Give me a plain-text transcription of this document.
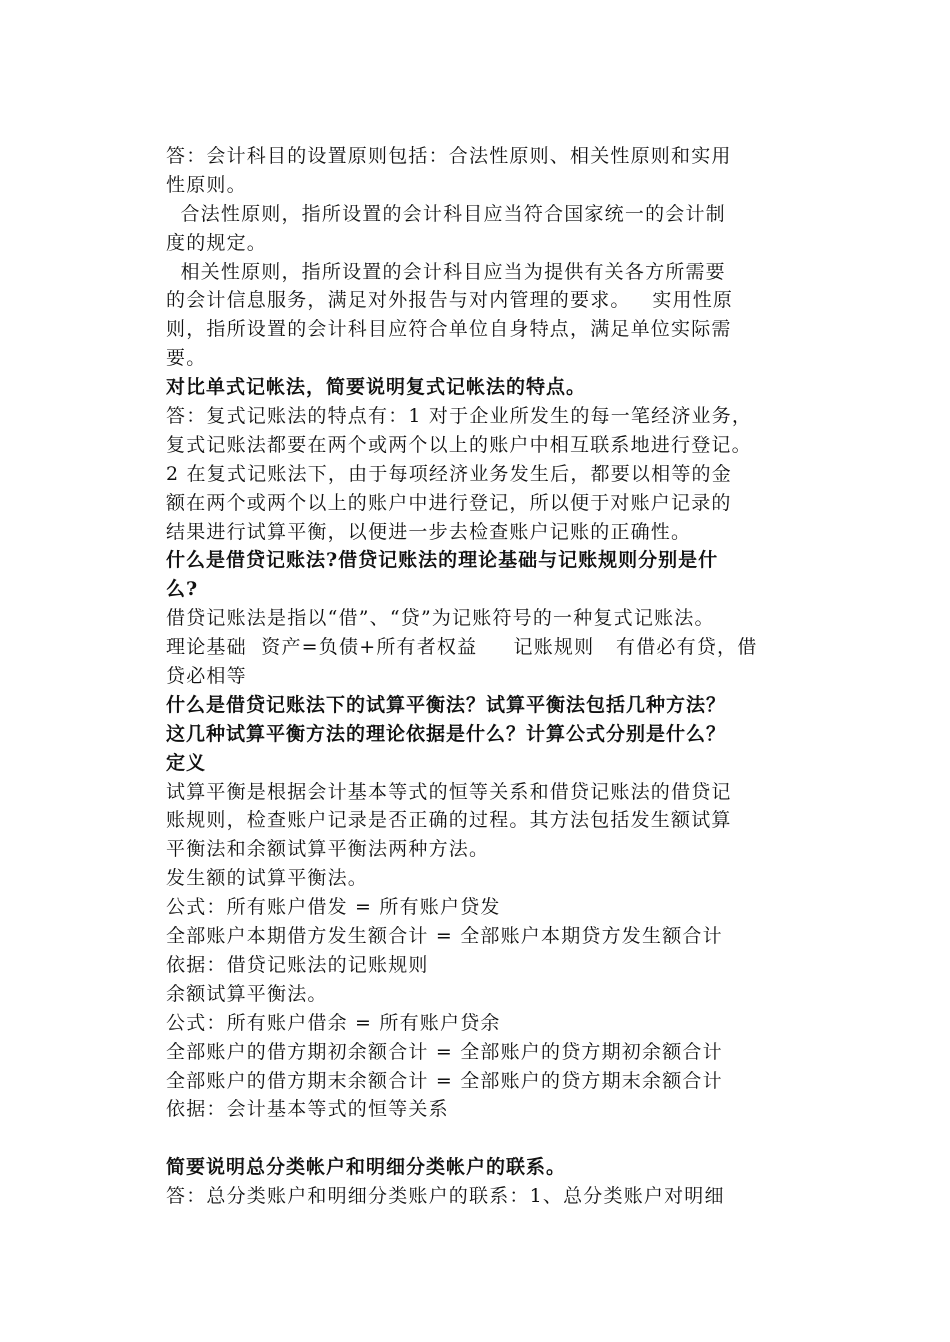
答：会计科目的设置原则包括：合法性原则、相关性原则和实用
性原则。
合法性原则，指所设置的会计科目应当符合国家统一的会计制
度的规定。
相关性原则，指所设置的会计科目应当为提供有关各方所需要
的会计信息服务，满足对外报告与对内管理的要求。   实用性原
则，指所设置的会计科目应符合单位自身特点，满足单位实际需
要。
对比单式记帐法，简要说明复式记帐法的特点。
答：复式记账法的特点有：1 对于企业所发生的每一笔经济业务，
复式记账法都要在两个或两个以上的账户中相互联系地进行登记。
2 在复式记账法下，由于每项经济业务发生后，都要以相等的金
额在两个或两个以上的账户中进行登记，所以便于对账户记录的
结果进行试算平衡，以便进一步去检查账户记账的正确性。
什么是借贷记账法?借贷记账法的理论基础与记账规则分别是什
么?
借贷记账法是指以“借”、“贷”为记账符号的一种复式记账法。
理论基础  资产=负债+所有者权益     记账规则   有借必有贷，借
贷必相等
什么是借贷记账法下的试算平衡法？试算平衡法包括几种方法？
这几种试算平衡方法的理论依据是什么？计算公式分别是什么？
定义
试算平衡是根据会计基本等式的恒等关系和借贷记账法的借贷记
账规则，检查账户记录是否正确的过程。其方法包括发生额试算
平衡法和余额试算平衡法两种方法。
发生额的试算平衡法。
公式：所有账户借发 = 所有账户贷发
全部账户本期借方发生额合计 = 全部账户本期贷方发生额合计
依据：借贷记账法的记账规则
余额试算平衡法。
公式：所有账户借余 = 所有账户贷余
全部账户的借方期初余额合计 = 全部账户的贷方期初余额合计
全部账户的借方期末余额合计 = 全部账户的贷方期末余额合计
依据：会计基本等式的恒等关系
简要说明总分类帐户和明细分类帐户的联系。
答：总分类账户和明细分类账户的联系：1、总分类账户对明细
